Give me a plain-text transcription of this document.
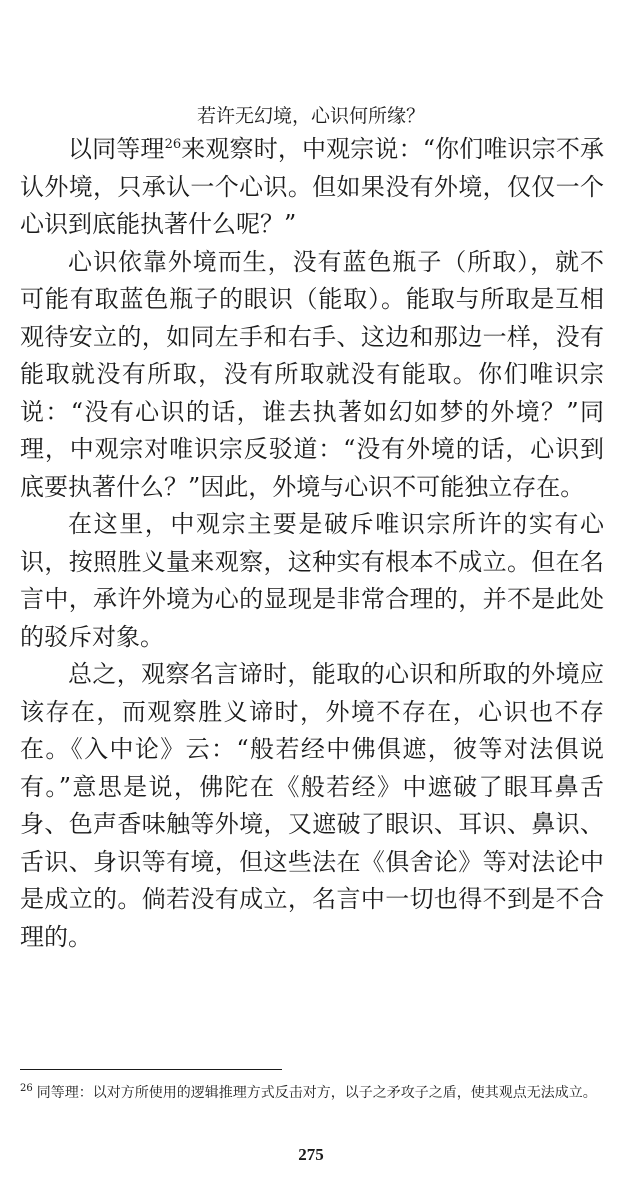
若许无幻境，心识何所缘？

以同等理$^{26}$来观察时，中观宗说：“你们唯识宗不承认外境，只承认一个心识。但如果没有外境，仅仅一个心识到底能执著什么呢？”

心识依靠外境而生，没有蓝色瓶子（所取），就不可能有取蓝色瓶子的眼识（能取）。能取与所取是互相观待安立的，如同左手和右手、这边和那边一样，没有能取就没有所取，没有所取就没有能取。你们唯识宗说：“没有心识的话，谁去执著如幻如梦的外境？”同理，中观宗对唯识宗反驳道：“没有外境的话，心识到底要执著什么？”因此，外境与心识不可能独立存在。

在这里，中观宗主要是破斥唯识宗所许的实有心识，按照胜义量来观察，这种实有根本不成立。但在名言中，承许外境为心的显现是非常合理的，并不是此处的驳斥对象。

总之，观察名言谛时，能取的心识和所取的外境应该存在，而观察胜义谛时，外境不存在，心识也不存在。《入中论》云：“般若经中佛俱遮，彼等对法俱说有。”意思是说，佛陀在《般若经》中遮破了眼耳鼻舌身、色声香味触等外境，又遮破了眼识、耳识、鼻识、舌识、身识等有境，但这些法在《俱舍论》等对法论中是成立的。倘若没有成立，名言中一切也得不到是不合理的。

$^{26}$ 同等理：以对方所使用的逻辑推理方式反击对方，以子之矛攻子之盾，使其观点无法成立。
275
